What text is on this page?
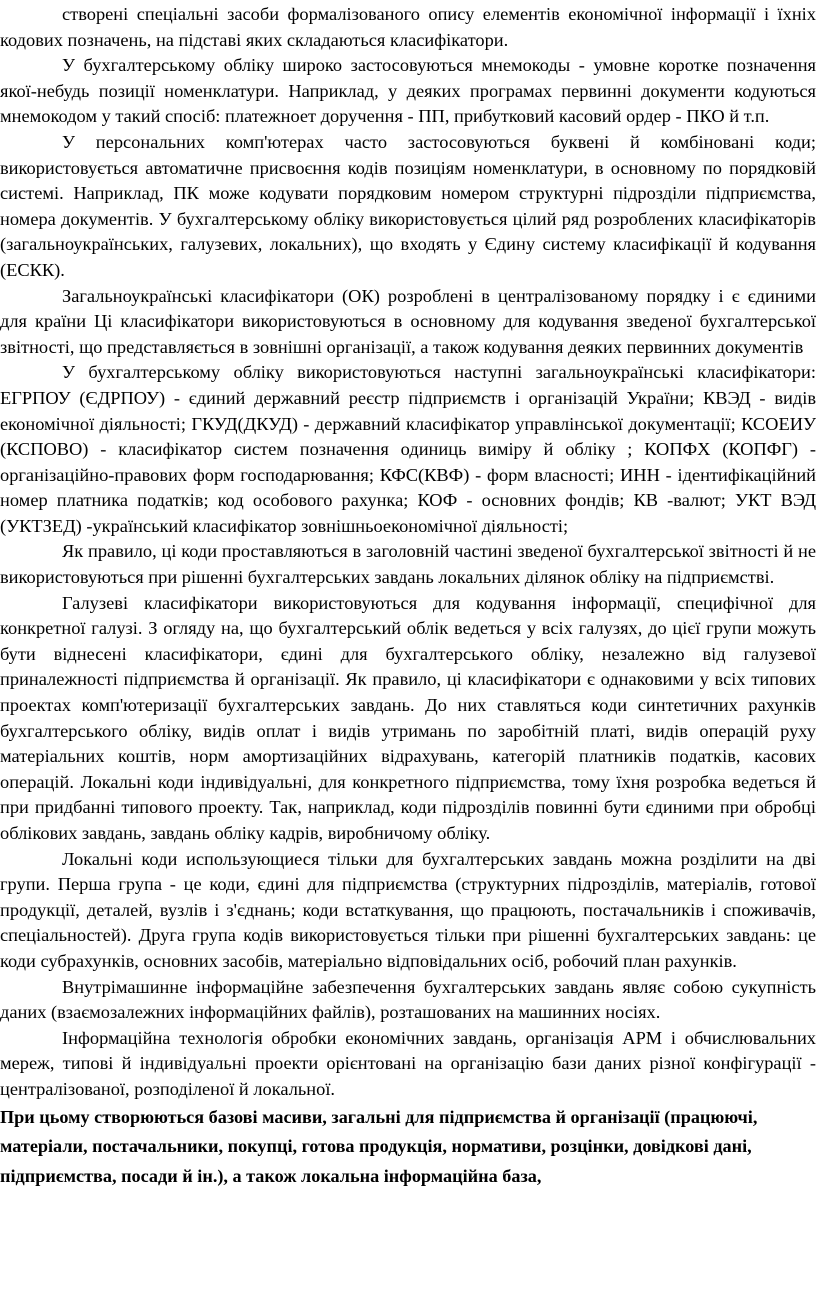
створені спеціальні засоби формалізованого опису елементів економічної інформації і їхніх кодових позначень, на підставі яких складаються класифікатори.

У бухгалтерському обліку широко застосовуються мнемокоды - умовне коротке позначення якої-небудь позиції номенклатури. Наприклад, у деяких програмах первинні документи кодуються мнемокодом у такий спосіб: платежноет доручення - ПП, прибутковий касовий ордер - ПКО й т.п.

У персональних комп'ютерах часто застосовуються буквені й комбіновані коди; використовується автоматичне присвоєння кодів позиціям номенклатури, в основному по порядковій системі. Наприклад, ПК може кодувати порядковим номером структурні підрозділи підприємства, номера документів. У бухгалтерському обліку використовується цілий ряд розроблених класифікаторів (загальноукраїнських, галузевих, локальних), що входять у Єдину систему класифікації й кодування (ЕСКК).

Загальноукраїнські класифікатори (ОК) розроблені в централізованому порядку і є єдиними для країни Ці класифікатори використовуються в основному для кодування зведеної бухгалтерської звітності, що представляється в зовнішні організації, а також кодування деяких первинних документів

У бухгалтерському обліку використовуються наступні загальноукраїнські класифікатори: ЕГРПОУ (ЄДРПОУ) - єдиний державний реєстр підприємств і організацій України; КВЭД - видів економічної діяльності; ГКУД(ДКУД) - державний класифікатор управлінської документації; КСОЕИУ (КСПОВО) - класифікатор систем позначення одиниць виміру й обліку ; КОПФХ (КОПФГ) - організаційно-правових форм господарювання; КФС(КВФ) - форм власності; ИНН - ідентифікаційний номер платника податків; код особового рахунка; КОФ - основних фондів; КВ -валют; УКТ ВЭД (УКТЗЕД) -український класифікатор зовнішньоекономічної діяльності;

Як правило, ці коди проставляються в заголовній частині зведеної бухгалтерської звітності й не використовуються при рішенні бухгалтерських завдань локальних ділянок обліку на підприємстві.

Галузеві класифікатори використовуються для кодування інформації, специфічної для конкретної галузі. З огляду на, що бухгалтерський облік ведеться у всіх галузях, до цієї групи можуть бути віднесені класифікатори, єдині для бухгалтерського обліку, незалежно від галузевої приналежності підприємства й організації. Як правило, ці класифікатори є однаковими у всіх типових проектах комп'ютеризації бухгалтерських завдань. До них ставляться коди синтетичних рахунків бухгалтерського обліку, видів оплат і видів утримань по заробітній платі, видів операцій руху матеріальних коштів, норм амортизаційних відрахувань, категорій платників податків, касових операцій. Локальні коди індивідуальні, для конкретного підприємства, тому їхня розробка ведеться й при придбанні типового проекту. Так, наприклад, коди підрозділів повинні бути єдиними при обробці облікових завдань, завдань обліку кадрів, виробничому обліку.

Локальні коди использующиеся тільки для бухгалтерських завдань можна розділити на дві групи. Перша група - це коди, єдині для підприємства (структурних підрозділів, матеріалів, готової продукції, деталей, вузлів і з'єднань; коди встаткування, що працюють, постачальників і споживачів, спеціальностей). Друга група кодів використовується тільки при рішенні бухгалтерських завдань: це коди субрахунків, основних засобів, матеріально відповідальних осіб, робочий план рахунків.

Внутрімашинне інформаційне забезпечення бухгалтерських завдань являє собою сукупність даних (взаємозалежних інформаційних файлів), розташованих на машинних носіях.

Інформаційна технологія обробки економічних завдань, організація АРМ і обчислювальних мереж, типові й індивідуальні проекти орієнтовані на організацію бази даних різної конфігурації - централізованої, розподіленої й локальної.

При цьому створюються базові масиви, загальні для підприємства й організації (працюючі, матеріали, постачальники, покупці, готова продукція, нормативи, розцінки, довідкові дані, підприємства, посади й ін.), а також локальна інформаційна база,
